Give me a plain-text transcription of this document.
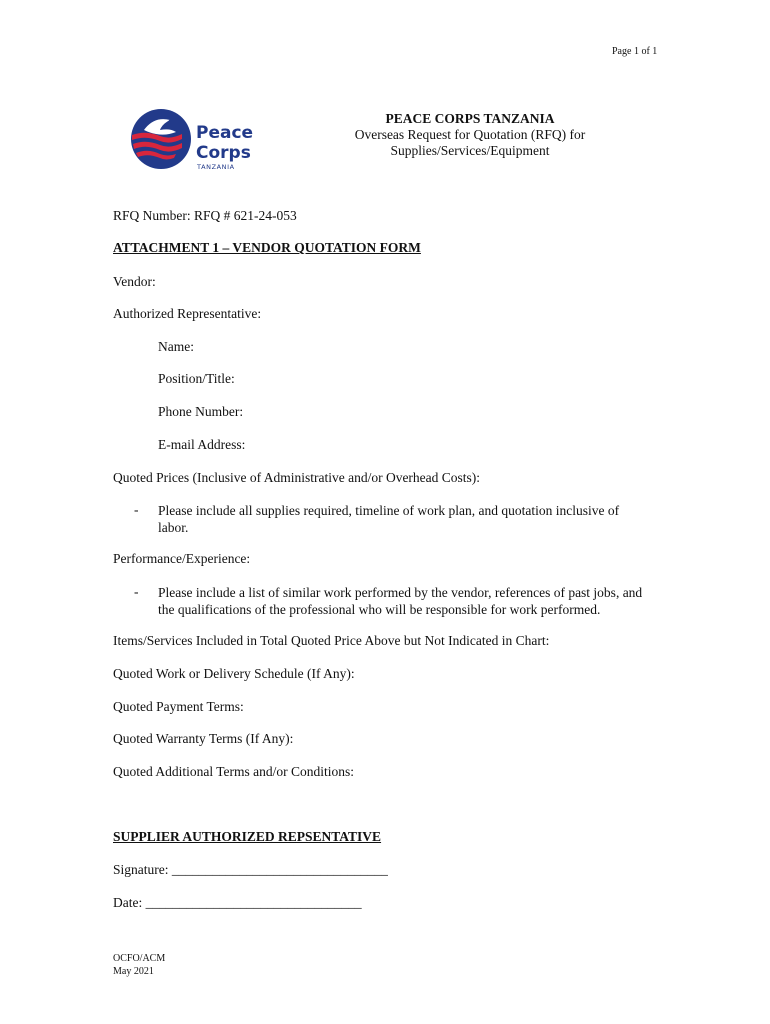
Page 1 of 1
Peace
Corps
TANZANIA
PEACE CORPS TANZANIA
Overseas Request for Quotation (RFQ) for
Supplies/Services/Equipment
RFQ Number: RFQ # 621-24-053
ATTACHMENT 1 – VENDOR QUOTATION FORM
Vendor:
Authorized Representative:
Name:
Position/Title:
Phone Number:
E-mail Address:
Quoted Prices (Inclusive of Administrative and/or Overhead Costs):
- Please include all supplies required, timeline of work plan, and quotation inclusive of labor.
Performance/Experience:
- Please include a list of similar work performed by the vendor, references of past jobs, and the qualifications of the professional who will be responsible for work performed.
Items/Services Included in Total Quoted Price Above but Not Indicated in Chart:
Quoted Work or Delivery Schedule (If Any):
Quoted Payment Terms:
Quoted Warranty Terms (If Any):
Quoted Additional Terms and/or Conditions:
SUPPLIER AUTHORIZED REPSENTATIVE
Signature: ________________________________
Date: ________________________________
OCFO/ACM
May 2021
